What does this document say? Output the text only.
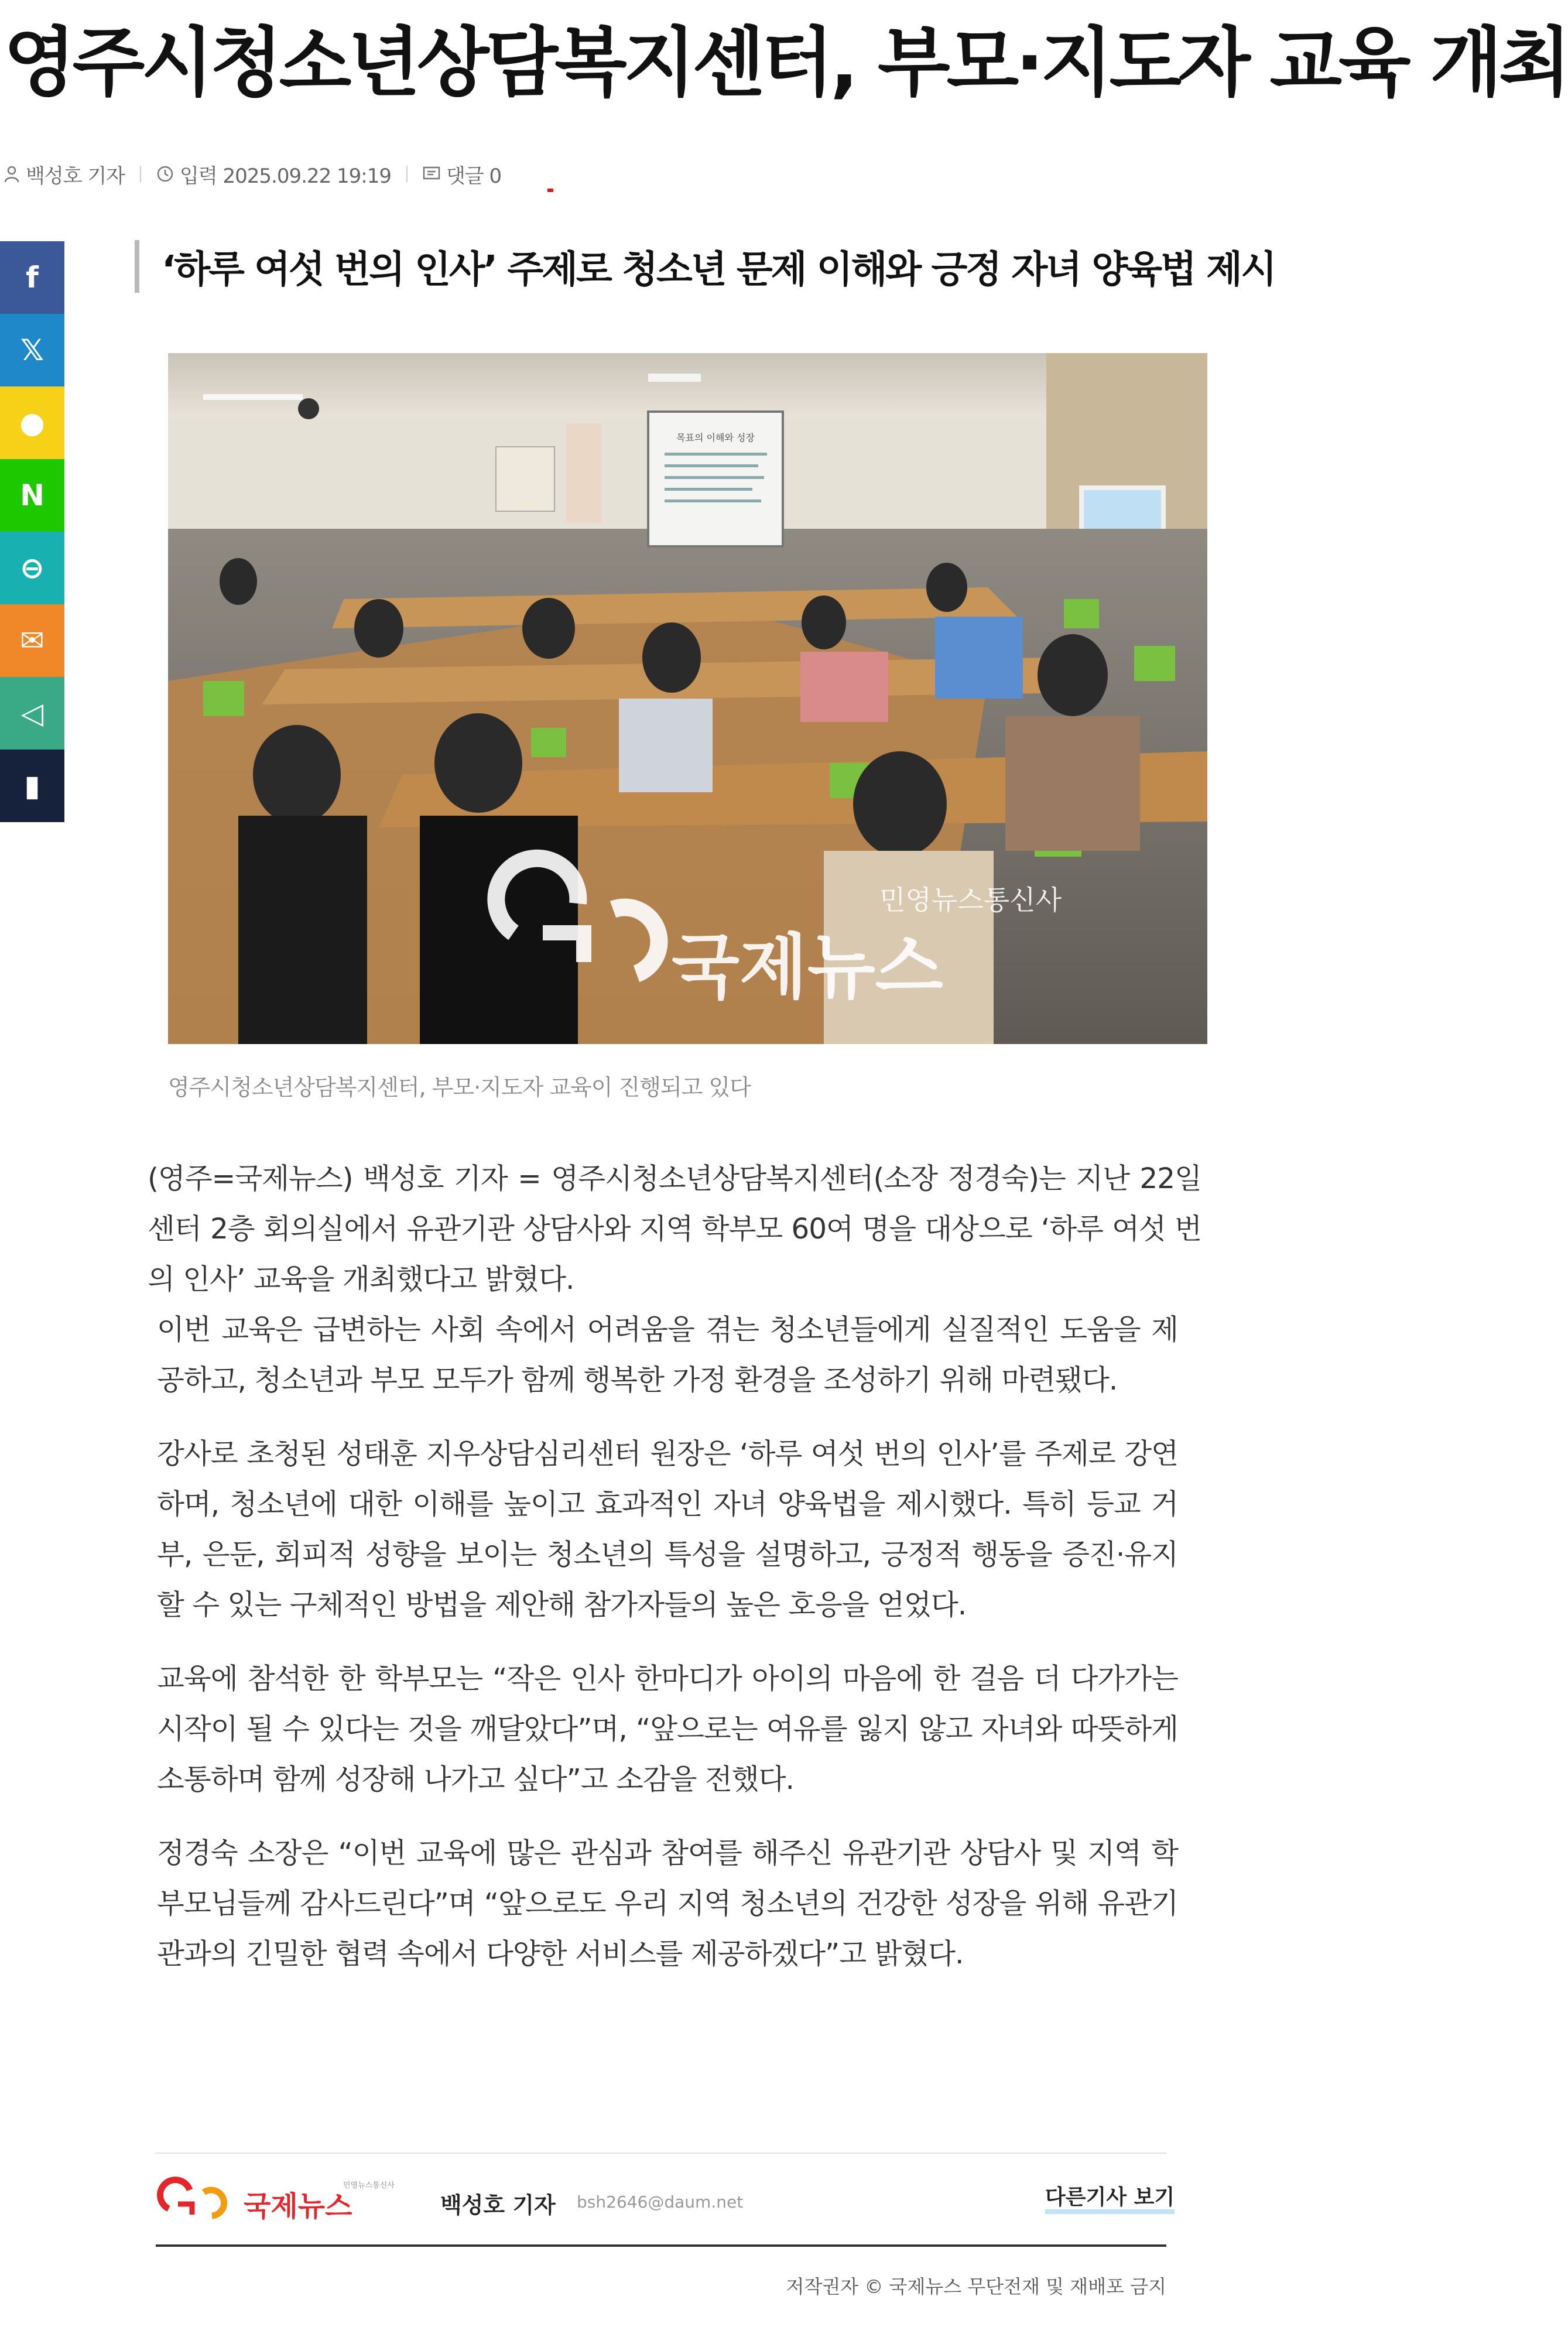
영주시청소년상담복지센터, 부모·지도자 교육 개최
백성호 기자	입력 2025.09.22 19:19	댓글 0
f
𝕏
●
N
⊖
✉
◁
▮
‘하루 여섯 번의 인사’ 주제로 청소년 문제 이해와 긍정 자녀 양육법 제시
목표의 이해와 성장
민영뉴스통신사
국제뉴스
영주시청소년상담복지센터, 부모·지도자 교육이 진행되고 있다

(영주=국제뉴스) 백성호 기자 = 영주시청소년상담복지센터(소장 정경숙)는 지난 22일 센터 2층 회의실에서 유관기관 상담사와 지역 학부모 60여 명을 대상으로 ‘하루 여섯 번의 인사’ 교육을 개최했다고 밝혔다.

이번 교육은 급변하는 사회 속에서 어려움을 겪는 청소년들에게 실질적인 도움을 제공하고, 청소년과 부모 모두가 함께 행복한 가정 환경을 조성하기 위해 마련됐다.

강사로 초청된 성태훈 지우상담심리센터 원장은 ‘하루 여섯 번의 인사’를 주제로 강연하며, 청소년에 대한 이해를 높이고 효과적인 자녀 양육법을 제시했다. 특히 등교 거부, 은둔, 회피적 성향을 보이는 청소년의 특성을 설명하고, 긍정적 행동을 증진·유지할 수 있는 구체적인 방법을 제안해 참가자들의 높은 호응을 얻었다.

교육에 참석한 한 학부모는 “작은 인사 한마디가 아이의 마음에 한 걸음 더 다가가는 시작이 될 수 있다는 것을 깨달았다”며, “앞으로는 여유를 잃지 않고 자녀와 따뜻하게 소통하며 함께 성장해 나가고 싶다”고 소감을 전했다.

정경숙 소장은 “이번 교육에 많은 관심과 참여를 해주신 유관기관 상담사 및 지역 학부모님들께 감사드린다”며 “앞으로도 우리 지역 청소년의 건강한 성장을 위해 유관기관과의 긴밀한 협력 속에서 다양한 서비스를 제공하겠다”고 밝혔다.

민영뉴스통신사
국제뉴스	백성호 기자 bsh2646@daum.net	다른기사 보기
저작권자 © 국제뉴스 무단전재 및 재배포 금지
